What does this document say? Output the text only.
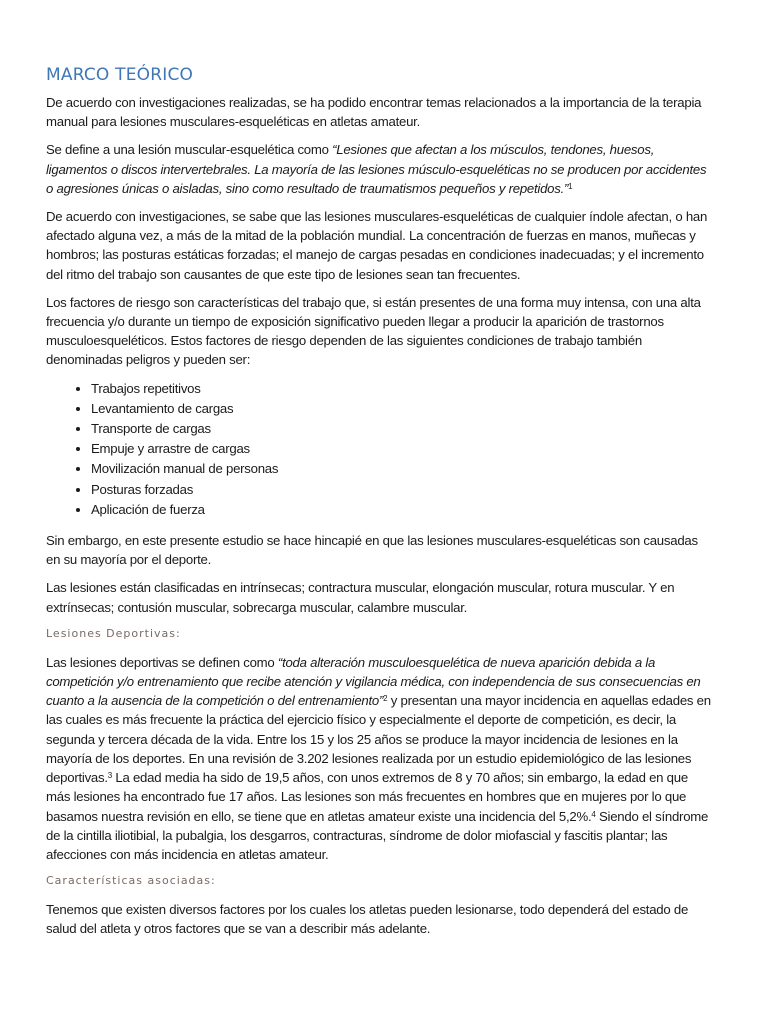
MARCO TEÓRICO

De acuerdo con investigaciones realizadas, se ha podido encontrar temas relacionados a la importancia de la terapia manual para lesiones musculares-esqueléticas en atletas amateur.

Se define a una lesión muscular-esquelética como “Lesiones que afectan a los músculos, tendones, huesos, ligamentos o discos intervertebrales. La mayoría de las lesiones músculo-esqueléticas no se producen por accidentes o agresiones únicas o aisladas, sino como resultado de traumatismos pequeños y repetidos.”$^1$

De acuerdo con investigaciones, se sabe que las lesiones musculares-esqueléticas de cualquier índole afectan, o han afectado alguna vez, a más de la mitad de la población mundial. La concentración de fuerzas en manos, muñecas y hombros; las posturas estáticas forzadas; el manejo de cargas pesadas en condiciones inadecuadas; y el incremento del ritmo del trabajo son causantes de que este tipo de lesiones sean tan frecuentes.

Los factores de riesgo son características del trabajo que, si están presentes de una forma muy intensa, con una alta frecuencia y/o durante un tiempo de exposición significativo pueden llegar a producir la aparición de trastornos musculoesqueléticos. Estos factores de riesgo dependen de las siguientes condiciones de trabajo también denominadas peligros y pueden ser:

• Trabajos repetitivos
• Levantamiento de cargas
• Transporte de cargas
• Empuje y arrastre de cargas
• Movilización manual de personas
• Posturas forzadas
• Aplicación de fuerza

Sin embargo, en este presente estudio se hace hincapié en que las lesiones musculares-esqueléticas son causadas en su mayoría por el deporte.

Las lesiones están clasificadas en intrínsecas; contractura muscular, elongación muscular, rotura muscular. Y en extrínsecas; contusión muscular, sobrecarga muscular, calambre muscular.

Lesiones Deportivas:

Las lesiones deportivas se definen como “toda alteración musculoesquelética de nueva aparición debida a la competición y/o entrenamiento que recibe atención y vigilancia médica, con independencia de sus consecuencias en cuanto a la ausencia de la competición o del entrenamiento”$^2$ y presentan una mayor incidencia en aquellas edades en las cuales es más frecuente la práctica del ejercicio físico y especialmente el deporte de competición, es decir, la segunda y tercera década de la vida. Entre los 15 y los 25 años se produce la mayor incidencia de lesiones en la mayoría de los deportes. En una revisión de 3.202 lesiones realizada por un estudio epidemiológico de las lesiones deportivas.$^3$ La edad media ha sido de 19,5 años, con unos extremos de 8 y 70 años; sin embargo, la edad en que más lesiones ha encontrado fue 17 años. Las lesiones son más frecuentes en hombres que en mujeres por lo que basamos nuestra revisión en ello, se tiene que en atletas amateur existe una incidencia del 5,2%.$^4$ Siendo el síndrome de la cintilla iliotibial, la pubalgia, los desgarros, contracturas, síndrome de dolor miofascial y fascitis plantar; las afecciones con más incidencia en atletas amateur.

Características asociadas:

Tenemos que existen diversos factores por los cuales los atletas pueden lesionarse, todo dependerá del estado de salud del atleta y otros factores que se van a describir más adelante.
